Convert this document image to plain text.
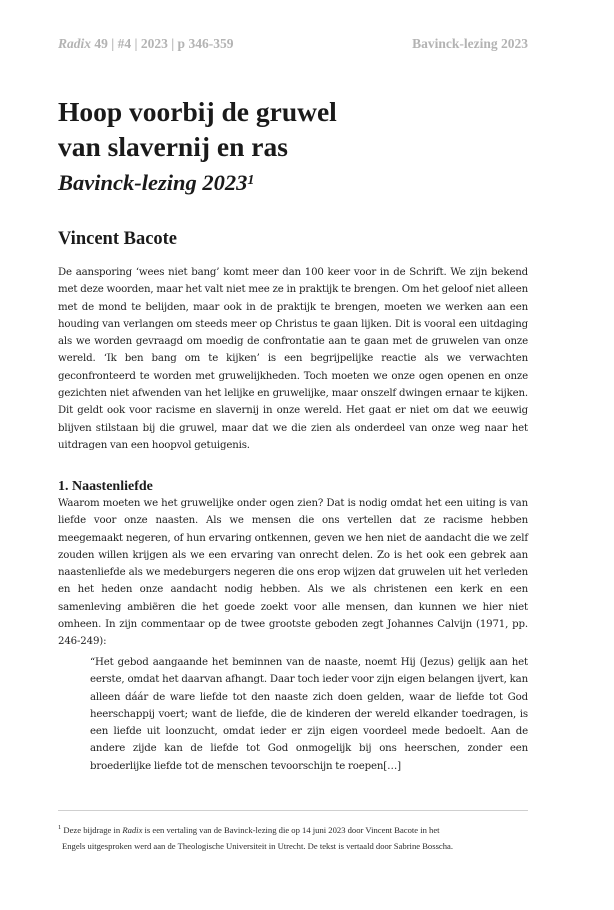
Radix 49 | #4 | 2023 | p 346-359	Bavinck-lezing 2023
Hoop voorbij de gruwel
van slavernij en ras
Bavinck-lezing 2023$^1$
Vincent Bacote

De aansporing ‘wees niet bang’ komt meer dan 100 keer voor in de Schrift. We zijn bekend met deze woorden, maar het valt niet mee ze in praktijk te brengen. Om het geloof niet alleen met de mond te belijden, maar ook in de praktijk te brengen, moeten we werken aan een houding van verlangen om steeds meer op Christus te gaan lijken. Dit is vooral een uitdaging als we worden gevraagd om moedig de confrontatie aan te gaan met de gruwelen van onze wereld. ‘Ik ben bang om te kijken’ is een begrijpelijke reactie als we verwachten geconfronteerd te worden met gruwelijkheden. Toch moeten we onze ogen openen en onze gezichten niet afwenden van het lelijke en gruwelijke, maar onszelf dwingen ernaar te kijken. Dit geldt ook voor racisme en slavernij in onze wereld. Het gaat er niet om dat we eeuwig blijven stilstaan bij die gruwel, maar dat we die zien als onderdeel van onze weg naar het uitdragen van een hoopvol getuigenis.

1. Naastenliefde

Waarom moeten we het gruwelijke onder ogen zien? Dat is nodig omdat het een uiting is van liefde voor onze naasten. Als we mensen die ons vertellen dat ze racisme hebben meegemaakt negeren, of hun ervaring ontkennen, geven we hen niet de aandacht die we zelf zouden willen krijgen als we een ervaring van onrecht delen. Zo is het ook een gebrek aan naastenliefde als we medeburgers negeren die ons erop wijzen dat gruwelen uit het verleden en het heden onze aandacht nodig hebben. Als we als christenen een kerk en een samenleving ambiëren die het goede zoekt voor alle mensen, dan kunnen we hier niet omheen. In zijn commentaar op de twee grootste geboden zegt Johannes Calvijn (1971, pp. 246-249):

“Het gebod aangaande het beminnen van de naaste, noemt Hij (Jezus) gelijk aan het eerste, omdat het daarvan afhangt. Daar toch ieder voor zijn eigen belangen ijvert, kan alleen dáár de ware liefde tot den naaste zich doen gelden, waar de liefde tot God heerschappij voert; want de liefde, die de kinderen der wereld elkander toedragen, is een liefde uit loonzucht, omdat ieder er zijn eigen voordeel mede bedoelt. Aan de andere zijde kan de liefde tot God onmogelijk bij ons heerschen, zonder een broederlijke liefde tot de menschen tevoorschijn te roepen[…]

$^1$ Deze bijdrage in Radix is een vertaling van de Bavinck-lezing die op 14 juni 2023 door Vincent Bacote in het
Engels uitgesproken werd aan de Theologische Universiteit in Utrecht. De tekst is vertaald door Sabrine Bosscha.
